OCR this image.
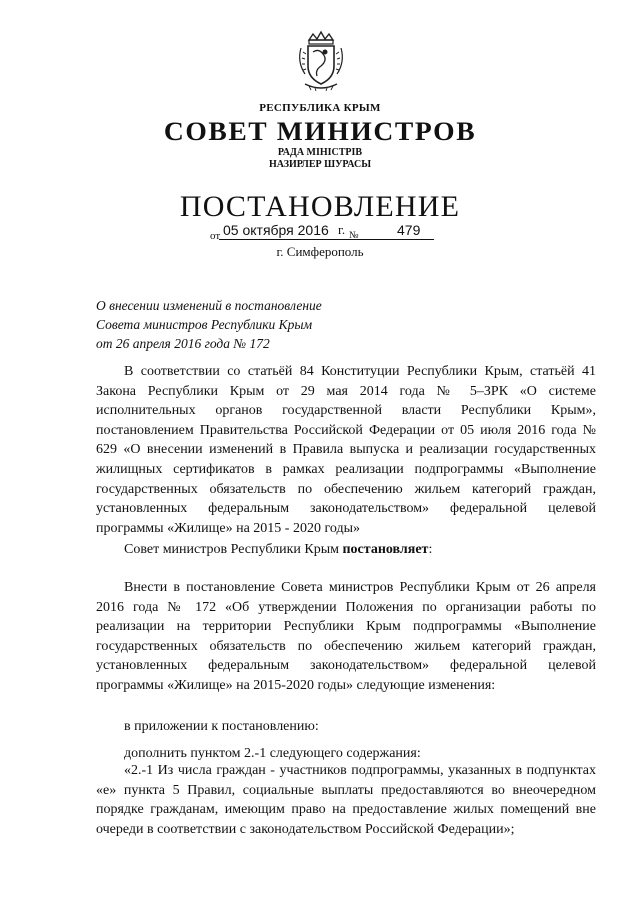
РЕСПУБЛИКА КРЫМ
СОВЕТ МИНИСТРОВ
РАДА МІНІСТРІВ
НАЗИРЛЕР ШУРАСЫ
ПОСТАНОВЛЕНИЕ
от 05 октября 2016 г. №	479
г. Симферополь
О внесении изменений в постановление
Совета министров Республики Крым
от 26 апреля 2016 года № 172
В соответствии со статьёй 84 Конституции Республики Крым, статьёй 41 Закона Республики Крым от 29 мая 2014 года № 5–ЗРК «О системе исполнительных органов государственной власти Республики Крым», постановлением Правительства Российской Федерации от 05 июля 2016 года № 629 «О внесении изменений в Правила выпуска и реализации государственных жилищных сертификатов в рамках реализации подпрограммы «Выполнение государственных обязательств по обеспечению жильем категорий граждан, установленных федеральным законодательством» федеральной целевой программы «Жилище» на 2015 - 2020 годы»
Совет министров Республики Крым постановляет:
Внести в постановление Совета министров Республики Крым от 26 апреля 2016 года № 172 «Об утверждении Положения по организации работы по реализации на территории Республики Крым подпрограммы «Выполнение государственных обязательств по обеспечению жильем категорий граждан, установленных федеральным законодательством» федеральной целевой программы «Жилище» на 2015-2020 годы» следующие изменения:
в приложении к постановлению:
дополнить пунктом 2.-1 следующего содержания:
«2.-1 Из числа граждан - участников подпрограммы, указанных в подпунктах «е» пункта 5 Правил, социальные выплаты предоставляются во внеочередном порядке гражданам, имеющим право на предоставление жилых помещений вне очереди в соответствии с законодательством Российской Федерации»;
